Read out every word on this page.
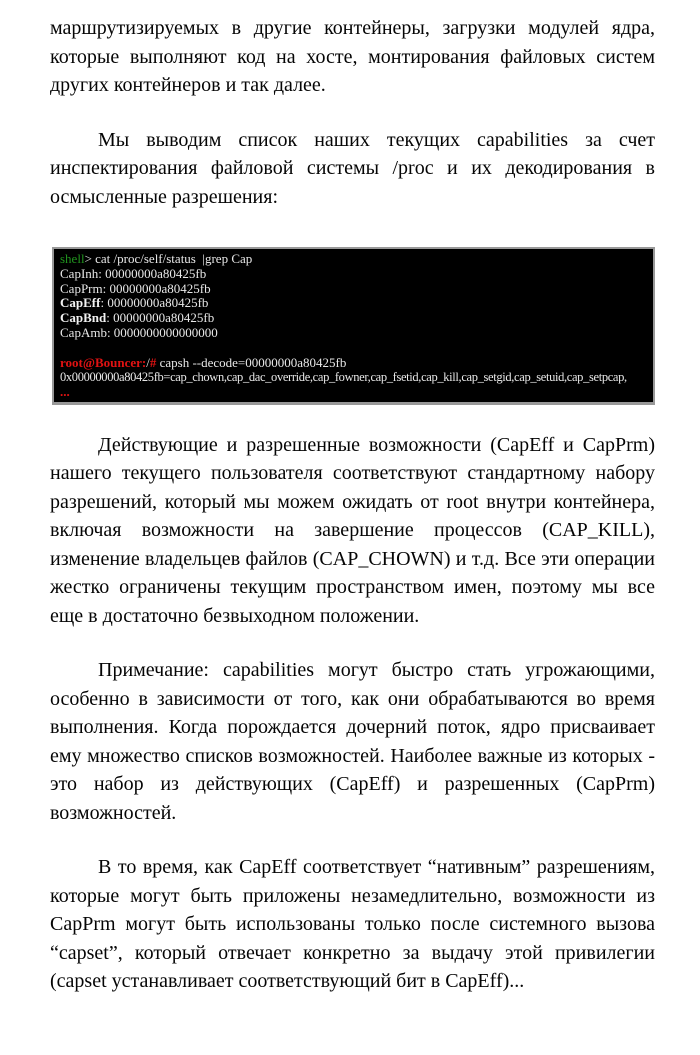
маршрутизируемых в другие контейнеры, загрузки модулей ядра, которые выполняют код на хосте, монтирования файловых систем других контейнеров и так далее.

Мы выводим список наших текущих capabilities за счет инспектирования файловой системы /proc и их декодирования в осмысленные разрешения:

shell> cat /proc/self/status  |grep Cap
CapInh: 00000000a80425fb
CapPrm: 00000000a80425fb
CapEff: 00000000a80425fb
CapBnd: 00000000a80425fb
CapAmb: 0000000000000000

root@Bouncer:/# capsh --decode=00000000a80425fb
0x00000000a80425fb=cap_chown,cap_dac_override,cap_fowner,cap_fsetid,cap_kill,cap_setgid,cap_setuid,cap_setpcap,
...

Действующие и разрешенные возможности (CapEff и CapPrm) нашего текущего пользователя соответствуют стандартному набору разрешений, который мы можем ожидать от root внутри контейнера, включая возможности на завершение процессов (CAP_KILL), изменение владельцев файлов (CAP_CHOWN) и т.д. Все эти операции жестко ограничены текущим пространством имен, поэтому мы все еще в достаточно безвыходном положении.

Примечание: capabilities могут быстро стать угрожающими, особенно в зависимости от того, как они обрабатываются во время выполнения. Когда порождается дочерний поток, ядро присваивает ему множество списков возможностей. Наиболее важные из которых - это набор из действующих (CapEff) и разрешенных (CapPrm) возможностей.

В то время, как CapEff соответствует “нативным” разрешениям, которые могут быть приложены незамедлительно, возможности из CapPrm могут быть использованы только после системного вызова “capset”, который отвечает конкретно за выдачу этой привилегии (capset устанавливает соответствующий бит в CapEff)...
